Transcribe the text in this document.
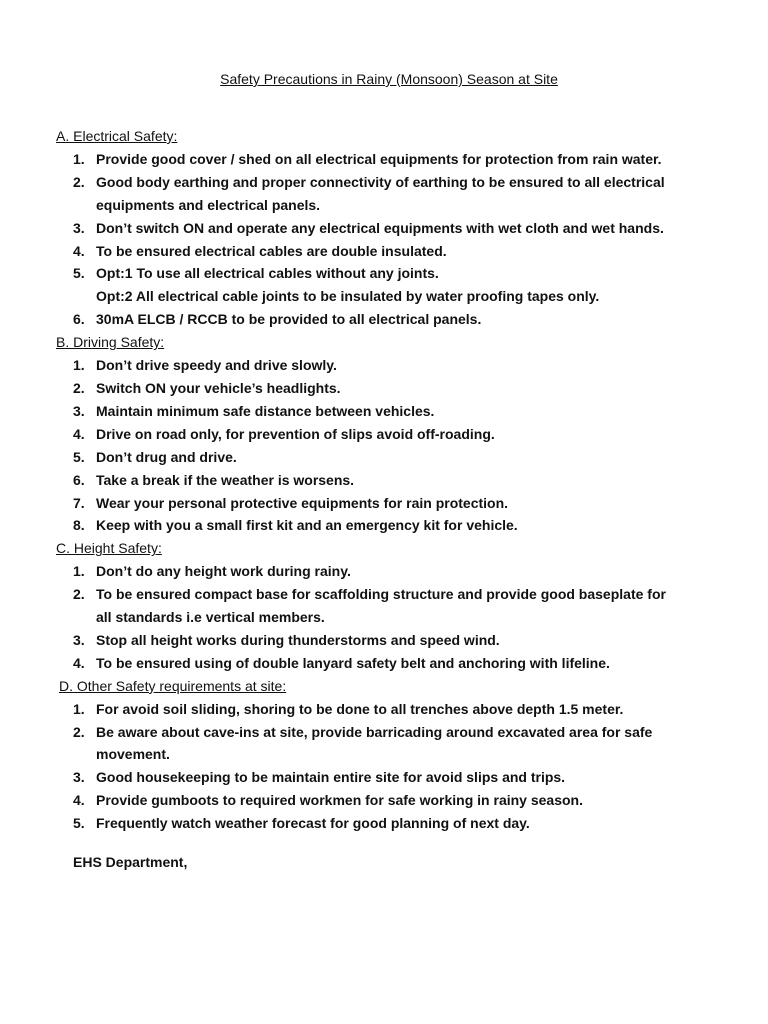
Safety Precautions in Rainy (Monsoon) Season at Site
A. Electrical Safety:
1. Provide good cover / shed on all electrical equipments for protection from rain water.
2. Good body earthing and proper connectivity of earthing to be ensured to all electrical
equipments and electrical panels.
3. Don’t switch ON and operate any electrical equipments with wet cloth and wet hands.
4. To be ensured electrical cables are double insulated.
5. Opt:1 To use all electrical cables without any joints.
Opt:2 All electrical cable joints to be insulated by water proofing tapes only.
6. 30mA ELCB / RCCB to be provided to all electrical panels.
B. Driving Safety:
1. Don’t drive speedy and drive slowly.
2. Switch ON your vehicle’s headlights.
3. Maintain minimum safe distance between vehicles.
4. Drive on road only, for prevention of slips avoid off-roading.
5. Don’t drug and drive.
6. Take a break if the weather is worsens.
7. Wear your personal protective equipments for rain protection.
8. Keep with you a small first kit and an emergency kit for vehicle.
C. Height Safety:
1. Don’t do any height work during rainy.
2. To be ensured compact base for scaffolding structure and provide good baseplate for
all standards i.e vertical members.
3. Stop all height works during thunderstorms and speed wind.
4. To be ensured using of double lanyard safety belt and anchoring with lifeline.
D. Other Safety requirements at site:
1. For avoid soil sliding, shoring to be done to all trenches above depth 1.5 meter.
2. Be aware about cave-ins at site, provide barricading around excavated area for safe
movement.
3. Good housekeeping to be maintain entire site for avoid slips and trips.
4. Provide gumboots to required workmen for safe working in rainy season.
5. Frequently watch weather forecast for good planning of next day.
EHS Department,
